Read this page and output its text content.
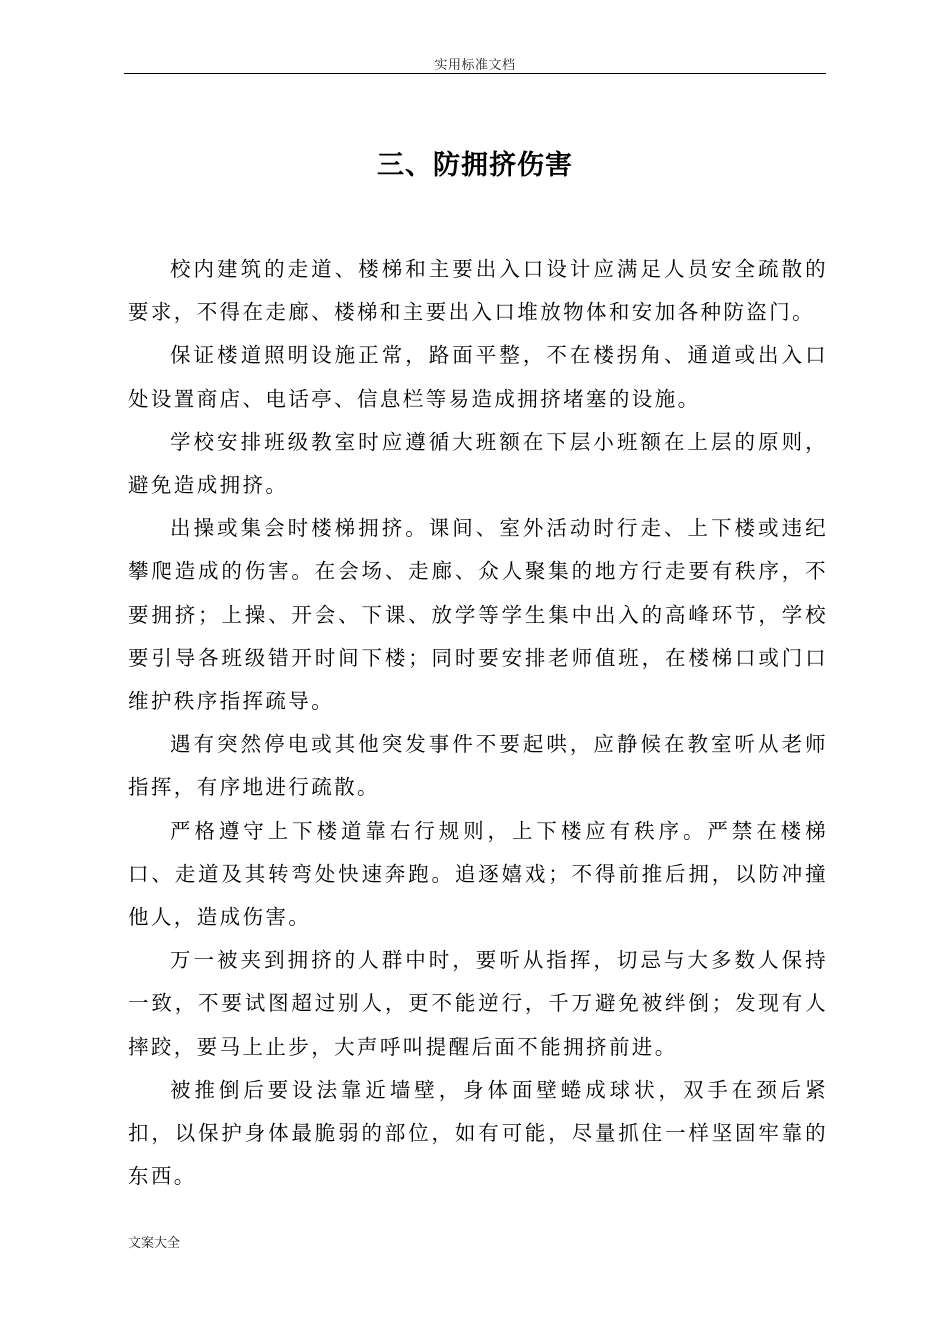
实用标准文档
三、防拥挤伤害

校内建筑的走道、楼梯和主要出入口设计应满足人员安全疏散的要求，不得在走廊、楼梯和主要出入口堆放物体和安加各种防盗门。

保证楼道照明设施正常，路面平整，不在楼拐角、通道或出入口处设置商店、电话亭、信息栏等易造成拥挤堵塞的设施。

学校安排班级教室时应遵循大班额在下层小班额在上层的原则，避免造成拥挤。

出操或集会时楼梯拥挤。课间、室外活动时行走、上下楼或违纪攀爬造成的伤害。在会场、走廊、众人聚集的地方行走要有秩序，不要拥挤；上操、开会、下课、放学等学生集中出入的高峰环节，学校要引导各班级错开时间下楼；同时要安排老师值班，在楼梯口或门口维护秩序指挥疏导。

遇有突然停电或其他突发事件不要起哄，应静候在教室听从老师指挥，有序地进行疏散。

严格遵守上下楼道靠右行规则，上下楼应有秩序。严禁在楼梯口、走道及其转弯处快速奔跑。追逐嬉戏；不得前推后拥，以防冲撞他人，造成伤害。

万一被夹到拥挤的人群中时，要听从指挥，切忌与大多数人保持一致，不要试图超过别人，更不能逆行，千万避免被绊倒；发现有人摔跤，要马上止步，大声呼叫提醒后面不能拥挤前进。

被推倒后要设法靠近墙壁，身体面壁蜷成球状，双手在颈后紧扣，以保护身体最脆弱的部位，如有可能，尽量抓住一样坚固牢靠的东西。

文案大全
